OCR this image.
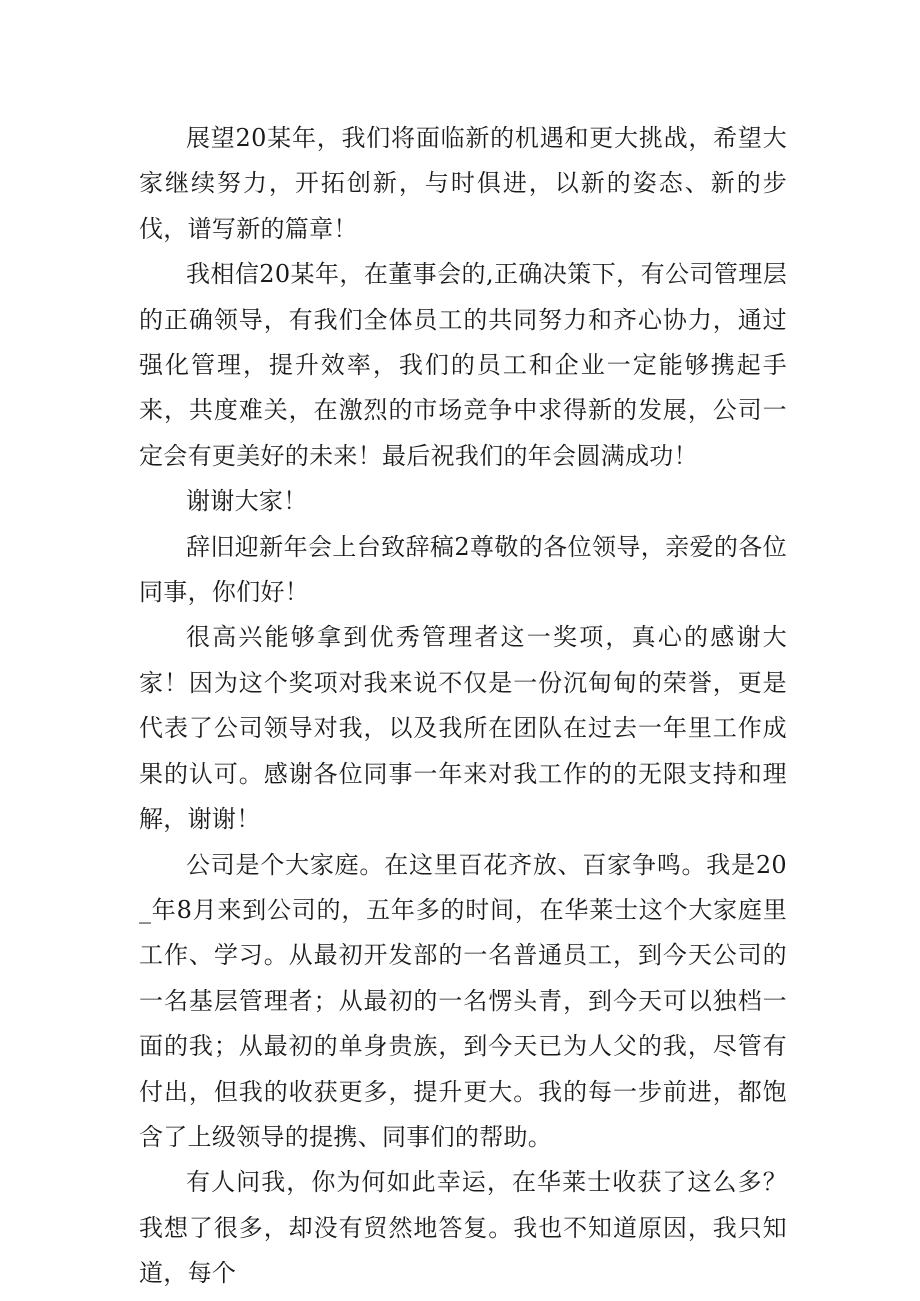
展望20某年，我们将面临新的机遇和更大挑战，希望大家继续努力，开拓创新，与时俱进，以新的姿态、新的步伐，谱写新的篇章！

我相信20某年，在董事会的,正确决策下，有公司管理层的正确领导，有我们全体员工的共同努力和齐心协力，通过强化管理，提升效率，我们的员工和企业一定能够携起手来，共度难关，在激烈的市场竞争中求得新的发展，公司一定会有更美好的未来！最后祝我们的年会圆满成功！

谢谢大家！

辞旧迎新年会上台致辞稿2尊敬的各位领导，亲爱的各位同事，你们好！

很高兴能够拿到优秀管理者这一奖项，真心的感谢大家！因为这个奖项对我来说不仅是一份沉甸甸的荣誉，更是代表了公司领导对我，以及我所在团队在过去一年里工作成果的认可。感谢各位同事一年来对我工作的的无限支持和理解，谢谢！

公司是个大家庭。在这里百花齐放、百家争鸣。我是20_年8月来到公司的，五年多的时间，在华莱士这个大家庭里工作、学习。从最初开发部的一名普通员工，到今天公司的一名基层管理者；从最初的一名愣头青，到今天可以独档一面的我；从最初的单身贵族，到今天已为人父的我，尽管有付出，但我的收获更多，提升更大。我的每一步前进，都饱含了上级领导的提携、同事们的帮助。

有人问我，你为何如此幸运，在华莱士收获了这么多？我想了很多，却没有贸然地答复。我也不知道原因，我只知道，每个
